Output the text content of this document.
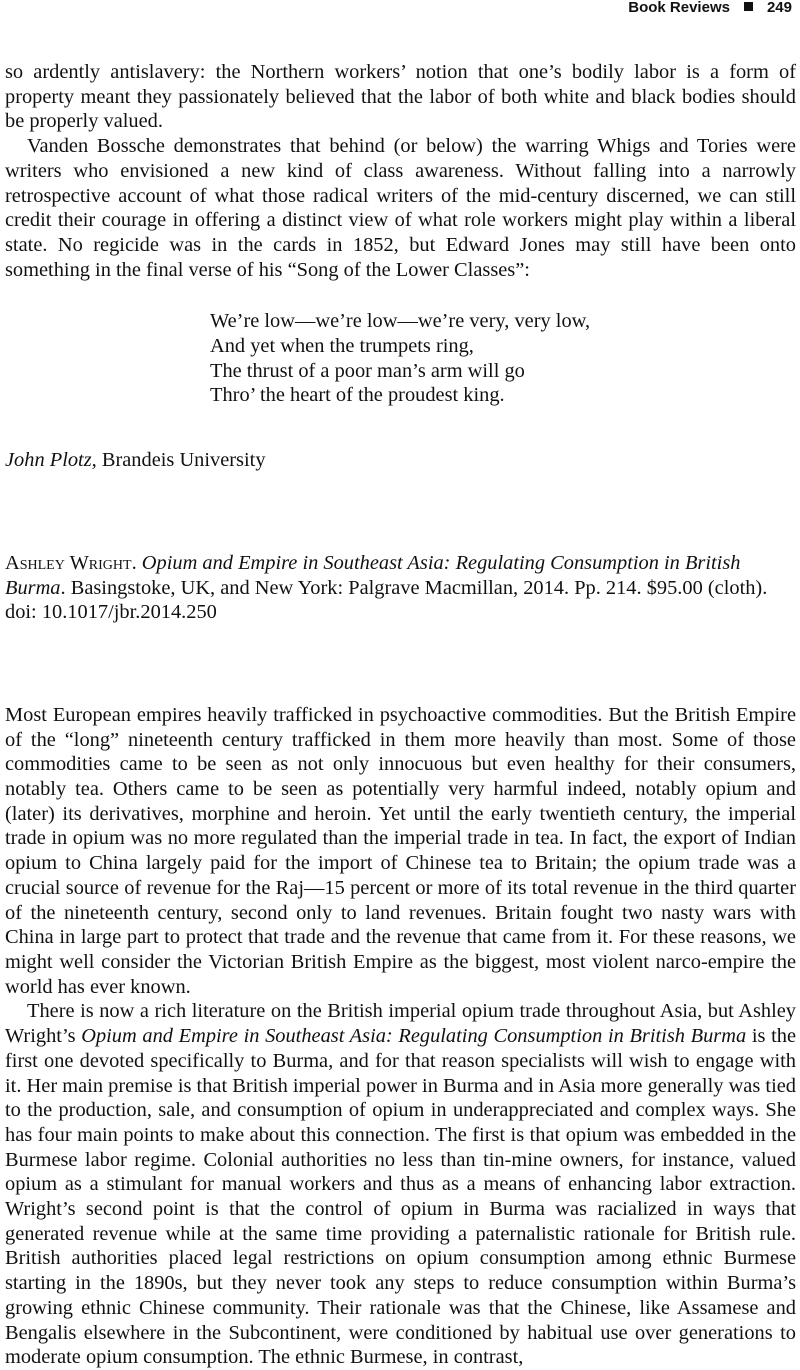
Book Reviews 249

so ardently antislavery: the Northern workers’ notion that one’s bodily labor is a form of property meant they passionately believed that the labor of both white and black bodies should be properly valued.

Vanden Bossche demonstrates that behind (or below) the warring Whigs and Tories were writers who envisioned a new kind of class awareness. Without falling into a narrowly retrospective account of what those radical writers of the mid-century discerned, we can still credit their courage in offering a distinct view of what role workers might play within a liberal state. No regicide was in the cards in 1852, but Edward Jones may still have been onto something in the final verse of his “Song of the Lower Classes”:

We’re low—we’re low—we’re very, very low,
And yet when the trumpets ring,
The thrust of a poor man’s arm will go
Thro’ the heart of the proudest king.
John Plotz, Brandeis University
Ashley Wright. Opium and Empire in Southeast Asia: Regulating Consumption in British Burma. Basingstoke, UK, and New York: Palgrave Macmillan, 2014. Pp. 214. $95.00 (cloth).
doi: 10.1017/jbr.2014.250

Most European empires heavily trafficked in psychoactive commodities. But the British Empire of the “long” nineteenth century trafficked in them more heavily than most. Some of those commodities came to be seen as not only innocuous but even healthy for their consumers, notably tea. Others came to be seen as potentially very harmful indeed, notably opium and (later) its derivatives, morphine and heroin. Yet until the early twentieth century, the imperial trade in opium was no more regulated than the imperial trade in tea. In fact, the export of Indian opium to China largely paid for the import of Chinese tea to Britain; the opium trade was a crucial source of revenue for the Raj—15 percent or more of its total revenue in the third quarter of the nineteenth century, second only to land revenues. Britain fought two nasty wars with China in large part to protect that trade and the revenue that came from it. For these reasons, we might well consider the Victorian British Empire as the biggest, most violent narco-empire the world has ever known.

There is now a rich literature on the British imperial opium trade throughout Asia, but Ashley Wright’s Opium and Empire in Southeast Asia: Regulating Consumption in British Burma is the first one devoted specifically to Burma, and for that reason specialists will wish to engage with it. Her main premise is that British imperial power in Burma and in Asia more generally was tied to the production, sale, and consumption of opium in underappreciated and complex ways. She has four main points to make about this connection. The first is that opium was embedded in the Burmese labor regime. Colonial authorities no less than tin-mine owners, for instance, valued opium as a stimulant for manual workers and thus as a means of enhancing labor extraction. Wright’s second point is that the control of opium in Burma was racialized in ways that generated revenue while at the same time providing a paternalistic rationale for British rule. British authorities placed legal restrictions on opium consumption among ethnic Burmese starting in the 1890s, but they never took any steps to reduce consumption within Burma’s growing ethnic Chinese community. Their rationale was that the Chinese, like Assamese and Bengalis elsewhere in the Subcontinent, were conditioned by habitual use over generations to moderate opium consumption. The ethnic Burmese, in contrast,
